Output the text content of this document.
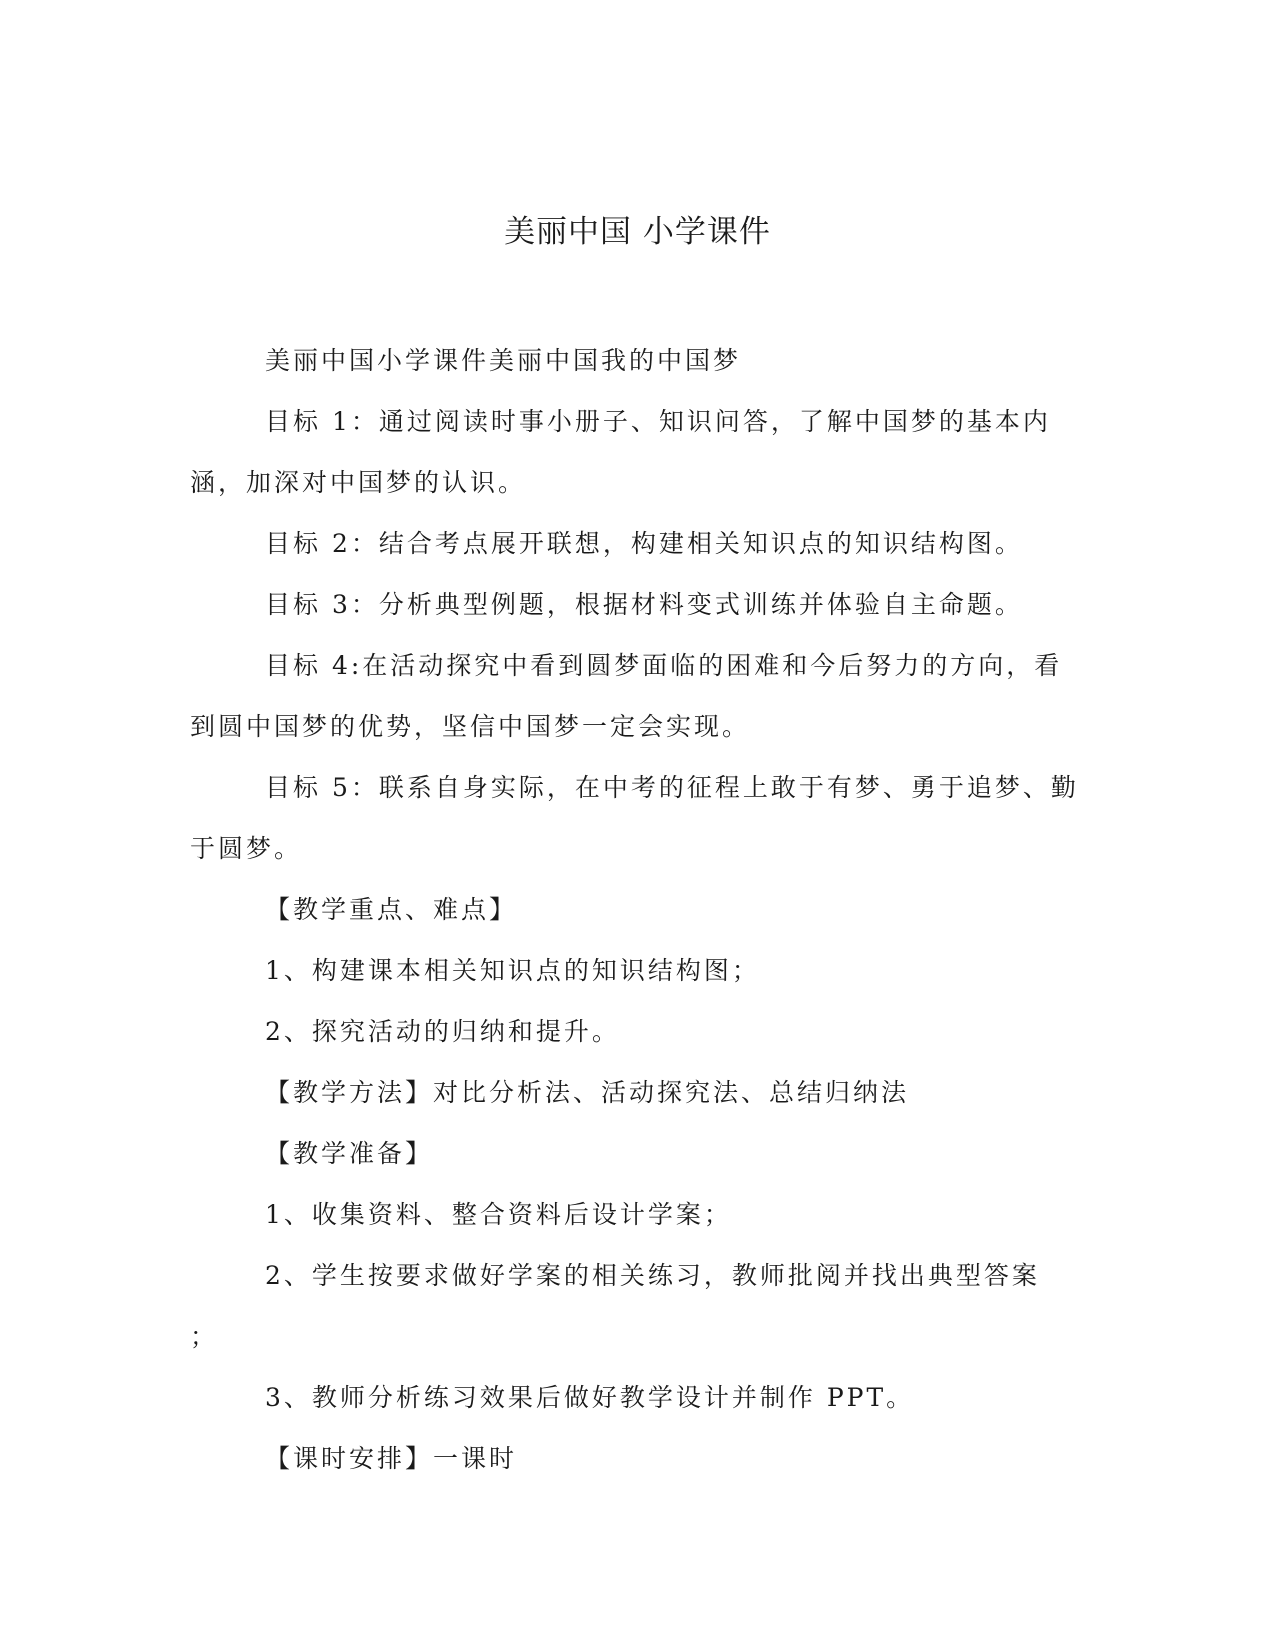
美丽中国 小学课件

美丽中国小学课件美丽中国我的中国梦

目标 1：通过阅读时事小册子、知识问答，了解中国梦的基本内涵，加深对中国梦的认识。

目标 2：结合考点展开联想，构建相关知识点的知识结构图。

目标 3：分析典型例题，根据材料变式训练并体验自主命题。

目标 4:在活动探究中看到圆梦面临的困难和今后努力的方向，看到圆中国梦的优势，坚信中国梦一定会实现。

目标 5：联系自身实际，在中考的征程上敢于有梦、勇于追梦、勤于圆梦。

【教学重点、难点】

1、构建课本相关知识点的知识结构图；

2、探究活动的归纳和提升。

【教学方法】对比分析法、活动探究法、总结归纳法

【教学准备】

1、收集资料、整合资料后设计学案；

2、学生按要求做好学案的相关练习，教师批阅并找出典型答案

；

3、教师分析练习效果后做好教学设计并制作 PPT。

【课时安排】一课时
